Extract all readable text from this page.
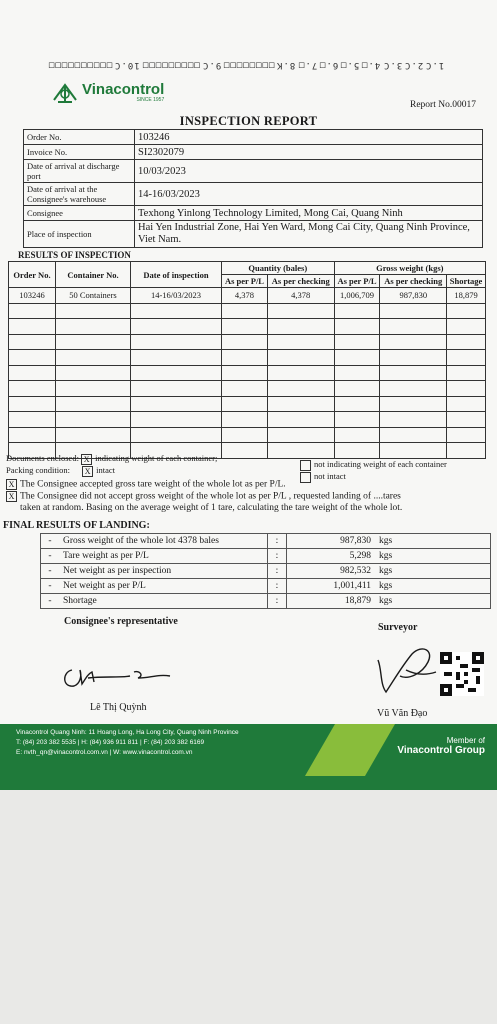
□□□□□□□□□□ 10.C □□□□□□□□□ 9.C □□□□□□□□ 8.K 7.□ 6.□ 5.□ 4.□ 3.C 2.C 1.C
Vinacontrol
SINCE 1957	Report No.00017
INSPECTION REPORT
Order No.	103246
Invoice No.	SI2302079
Date of arrival at discharge port	10/03/2023
Date of arrival at the Consignee's warehouse	14-16/03/2023
Consignee	Texhong Yinlong Technology Limited, Mong Cai, Quang Ninh
Place of inspection	Hai Yen Industrial Zone, Hai Yen Ward, Mong Cai City, Quang Ninh Province, Viet Nam.
RESULTS OF INSPECTION
Order No.	Container No.	Date of inspection	Quantity (bales)		Gross weight (kgs)		
			As per P/L	As per checking	As per P/L	As per checking	Shortage
103246	50 Containers	14-16/03/2023	4,378	4,378	1,006,709	987,830	18,879

Documents enclosed: X indicating weight of each container;
not indicating weight of each container
Packing condition: X intact
not intact
X The Consignee accepted gross tare weight of the whole lot as per P/L.
X The Consignee did not accept gross weight of the whole lot as per P/L , requested landing of ....tares
taken at random. Basing on the average weight of 1 tare, calculating the tare weight of the whole lot.
FINAL RESULTS OF LANDING:
-	Gross weight of the whole lot 4378 bales	:	987,830	kgs
-	Tare weight as per P/L	:	5,298	kgs
-	Net weight as per inspection	:	982,532	kgs
-	Net weight as per P/L	:	1,001,411	kgs
-	Shortage	:	18,879	kgs
Consignee's representative
Surveyor
Lê Thị Quỳnh
Vũ Văn Đạo
Vinacontrol Quang Ninh: 11 Hoang Long, Ha Long City, Quang Ninh Province
T: (84) 203 382 5535 | H: (84) 936 911 811 | F: (84) 203 382 6169
E: nvth_qn@vinacontrol.com.vn | W: www.vinacontrol.com.vn
Member of
Vinacontrol Group
